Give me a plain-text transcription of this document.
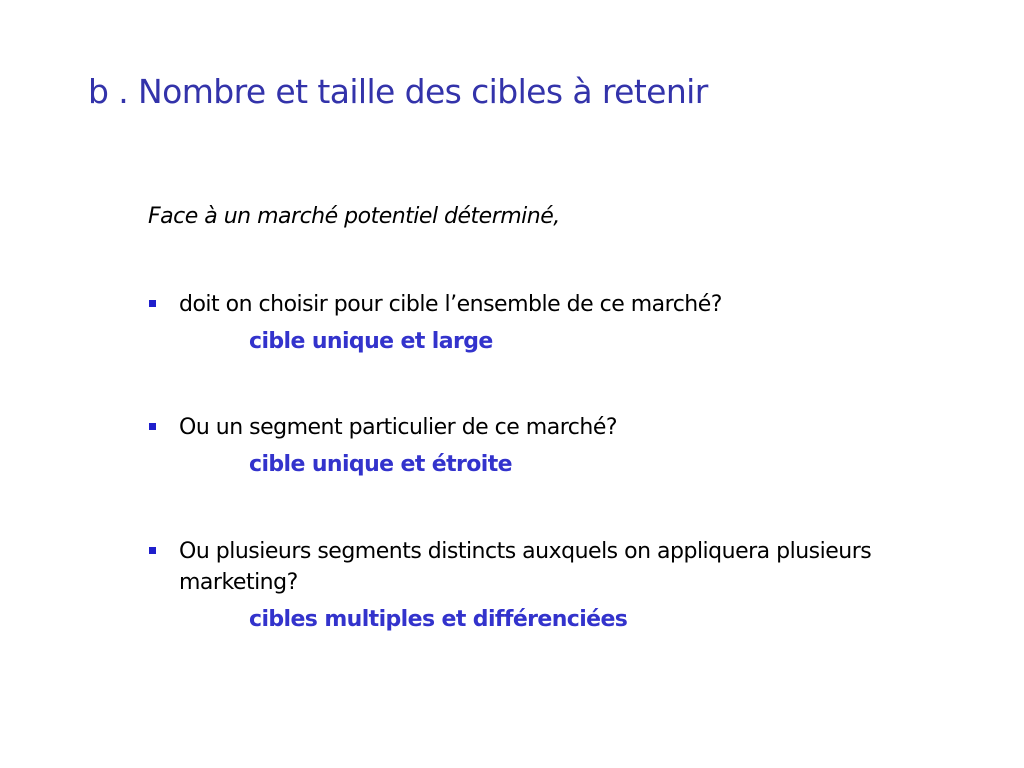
b . Nombre et taille des cibles à retenir

Face à un marché potentiel déterminé,

doit on choisir pour cible l’ensemble de ce marché?
cible unique et large
Ou un segment particulier de ce marché?
cible unique et étroite
Ou plusieurs segments distincts auxquels on appliquera plusieurs marketing?
cibles multiples et différenciées
